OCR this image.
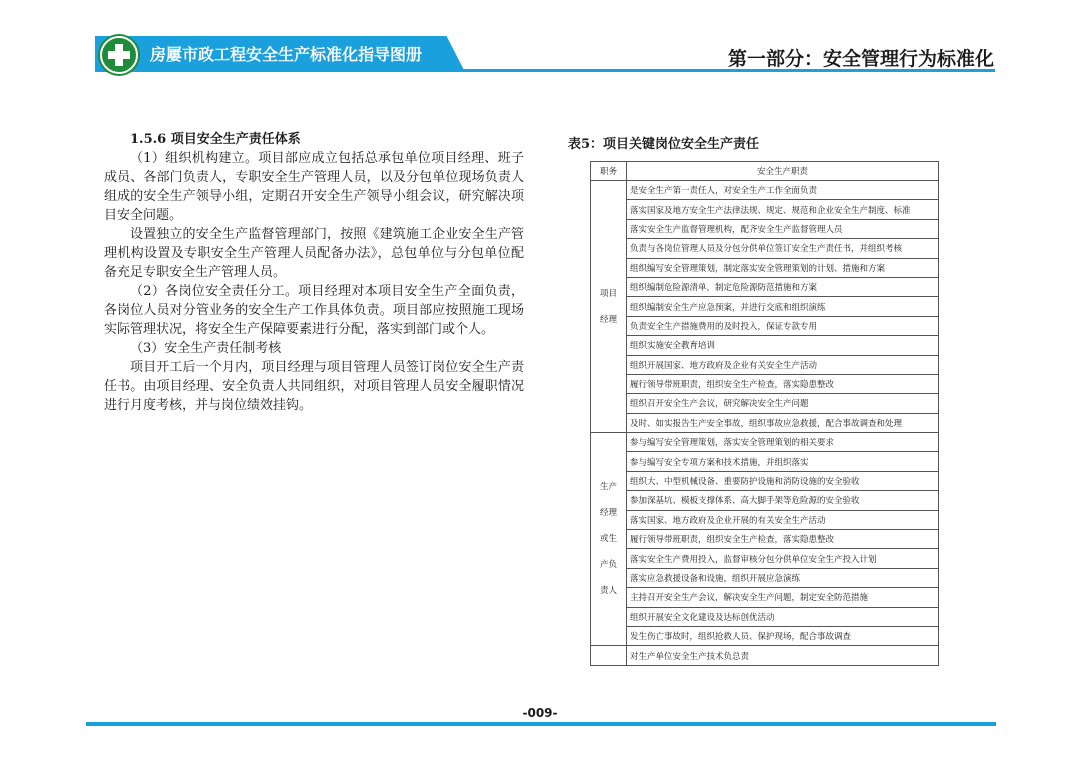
房屢市政工程安全生产标准化指导图册	第一部分：安全管理行为标准化
1.5.6 项目安全生产责任体系
（1）组织机构建立。项目部应成立包括总承包单位项目经理、班子成员、各部门负责人，专职安全生产管理人员，以及分包单位现场负责人组成的安全生产领导小组，定期召开安全生产领导小组会议，研究解决项目安全问题。
设置独立的安全生产监督管理部门，按照《建筑施工企业安全生产管理机构设置及专职安全生产管理人员配备办法》，总包单位与分包单位配备充足专职安全生产管理人员。
（2）各岗位安全责任分工。项目经理对本项目安全生产全面负责，各岗位人员对分管业务的安全生产工作具体负责。项目部应按照施工现场实际管理状况，将安全生产保障要素进行分配，落实到部门或个人。
（3）安全生产责任制考核
项目开工后一个月内，项目经理与项目管理人员签订岗位安全生产责任书。由项目经理、安全负责人共同组织，对项目管理人员安全履职情况进行月度考核，并与岗位绩效挂钩。
表5：项目关键岗位安全生产责任
职务	安全生产职责
项目
经理	是安全生产第一责任人，对安全生产工作全面负责
	落实国家及地方安全生产法律法规、规定、规范和企业安全生产制度、标准
	落实安全生产监督管理机构，配齐安全生产监督管理人员
	负责与各岗位管理人员及分包分供单位签订安全生产责任书，并组织考核
	组织编写安全管理策划，制定落实安全管理策划的计划、措施和方案
	组织编制危险源清单，制定危险源防范措施和方案
	组织编制安全生产应急预案，并进行交底和组织演练
	负责安全生产措施费用的及时投入，保证专款专用
	组织实施安全教育培训
	组织开展国家、地方政府及企业有关安全生产活动
	履行领导带班职责，组织安全生产检查，落实隐患整改
	组织召开安全生产会议，研究解决安全生产问题
	及时、如实报告生产安全事故，组织事故应急救援，配合事故调查和处理
生产
经理
或生
产负
责人	参与编写安全管理策划，落实安全管理策划的相关要求
	参与编写安全专项方案和技术措施，并组织落实
	组织大、中型机械设备、重要防护设施和消防设施的安全验收
	参加深基坑、模板支撑体系、高大脚手架等危险源的安全验收
	落实国家、地方政府及企业开展的有关安全生产活动
	履行领导带班职责，组织安全生产检查，落实隐患整改
	落实安全生产费用投入，监督审核分包分供单位安全生产投入计划
	落实应急救援设备和设施，组织开展应急演练
	主持召开安全生产会议，解决安全生产问题，制定安全防范措施
	组织开展安全文化建设及达标创优活动
	发生伤亡事故时，组织抢救人员、保护现场，配合事故调查
	对生产单位安全生产技术负总责
-009-
